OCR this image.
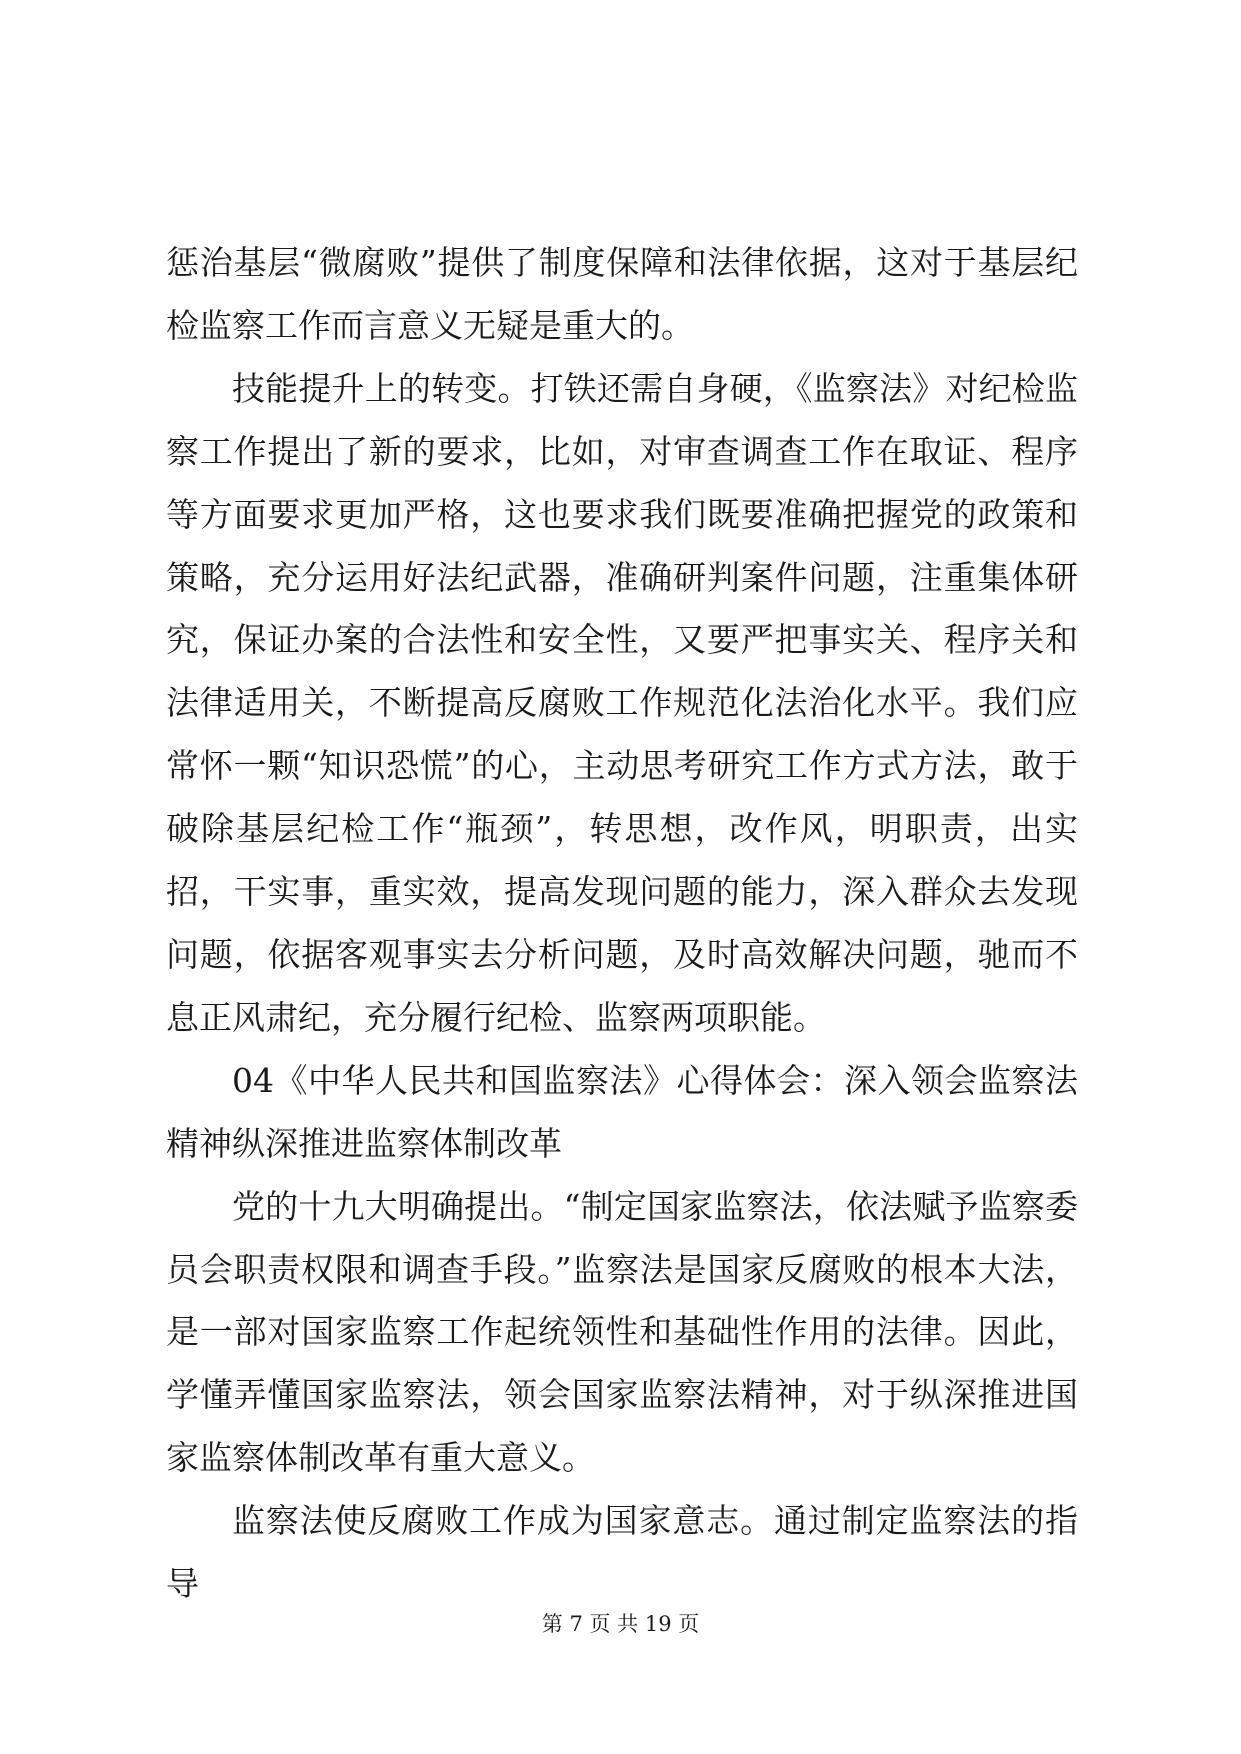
惩治基层“微腐败”提供了制度保障和法律依据，这对于基层纪检监察工作而言意义无疑是重大的。

技能提升上的转变。打铁还需自身硬，《监察法》对纪检监察工作提出了新的要求，比如，对审查调查工作在取证、程序等方面要求更加严格，这也要求我们既要准确把握党的政策和策略，充分运用好法纪武器，准确研判案件问题，注重集体研究，保证办案的合法性和安全性，又要严把事实关、程序关和法律适用关，不断提高反腐败工作规范化法治化水平。我们应常怀一颗“知识恐慌”的心，主动思考研究工作方式方法，敢于破除基层纪检工作“瓶颈”，转思想，改作风，明职责，出实招，干实事，重实效，提高发现问题的能力，深入群众去发现问题，依据客观事实去分析问题，及时高效解决问题，驰而不息正风肃纪，充分履行纪检、监察两项职能。

04《中华人民共和国监察法》心得体会：深入领会监察法精神纵深推进监察体制改革

党的十九大明确提出。“制定国家监察法，依法赋予监察委员会职责权限和调查手段。”监察法是国家反腐败的根本大法，是一部对国家监察工作起统领性和基础性作用的法律。因此，学懂弄懂国家监察法，领会国家监察法精神，对于纵深推进国家监察体制改革有重大意义。

监察法使反腐败工作成为国家意志。通过制定监察法的指导

第 7 页 共 19 页
